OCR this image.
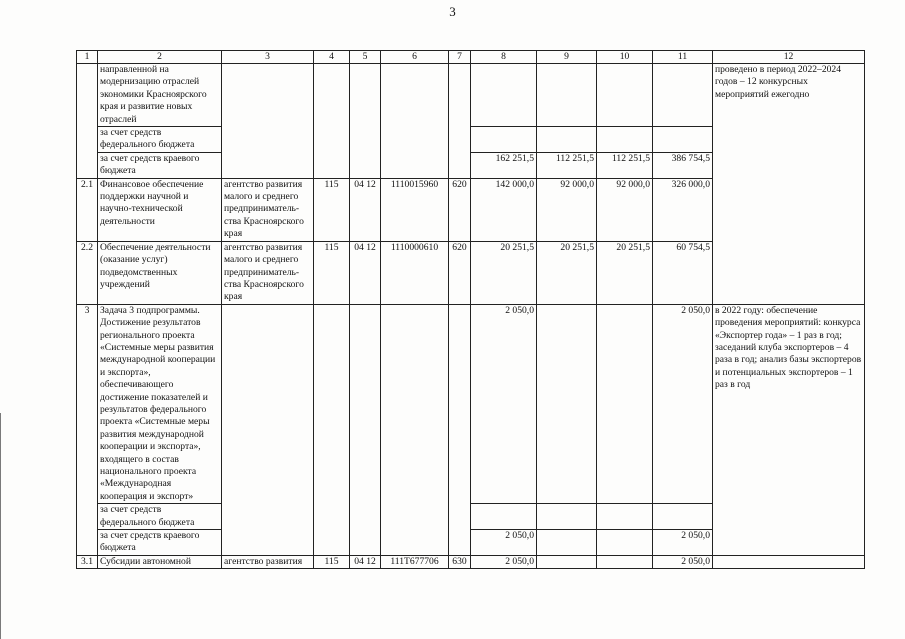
3
1	2	3	4	5	6	7	8	9	10	11	12
	направленной на модернизацию отраслей экономики Красноярского края и развитие новых отраслей										проведено в период 2022–2024 годов – 12 конкурсных мероприятий ежегодно
	за счет средств федерального бюджета										
	за счет средств краевого бюджета						162 251,5	112 251,5	112 251,5	386 754,5	
2.1	Финансовое обеспечение поддержки научной и научно-технической деятельности	агентство развития малого и среднего предприниматель-ства Красноярского края	115	04 12	1110015960	620	142 000,0	92 000,0	92 000,0	326 000,0	
2.2	Обеспечение деятельности (оказание услуг) подведомственных учреждений	агентство развития малого и среднего предприниматель-ства Красноярского края	115	04 12	1110000610	620	20 251,5	20 251,5	20 251,5	60 754,5	
3	Задача 3 подпрограммы. Достижение результатов регионального проекта «Системные меры развития международной кооперации и экспорта», обеспечивающего достижение показателей и результатов федерального проекта «Системные меры развития международной кооперации и экспорта», входящего в состав национального проекта «Международная кооперация и экспорт»						2 050,0			2 050,0	в 2022 году: обеспечение проведения мероприятий: конкурса «Экспортер года» – 1 раз в год; заседаний клуба экспортеров – 4 раза в год; анализ базы экспортеров и потенциальных экспортеров – 1 раз в год
	за счет средств федерального бюджета										
	за счет средств краевого бюджета						2 050,0			2 050,0	
3.1	Субсидии автономной	агентство развития	115	04 12	111Т677706	630	2 050,0			2 050,0	
